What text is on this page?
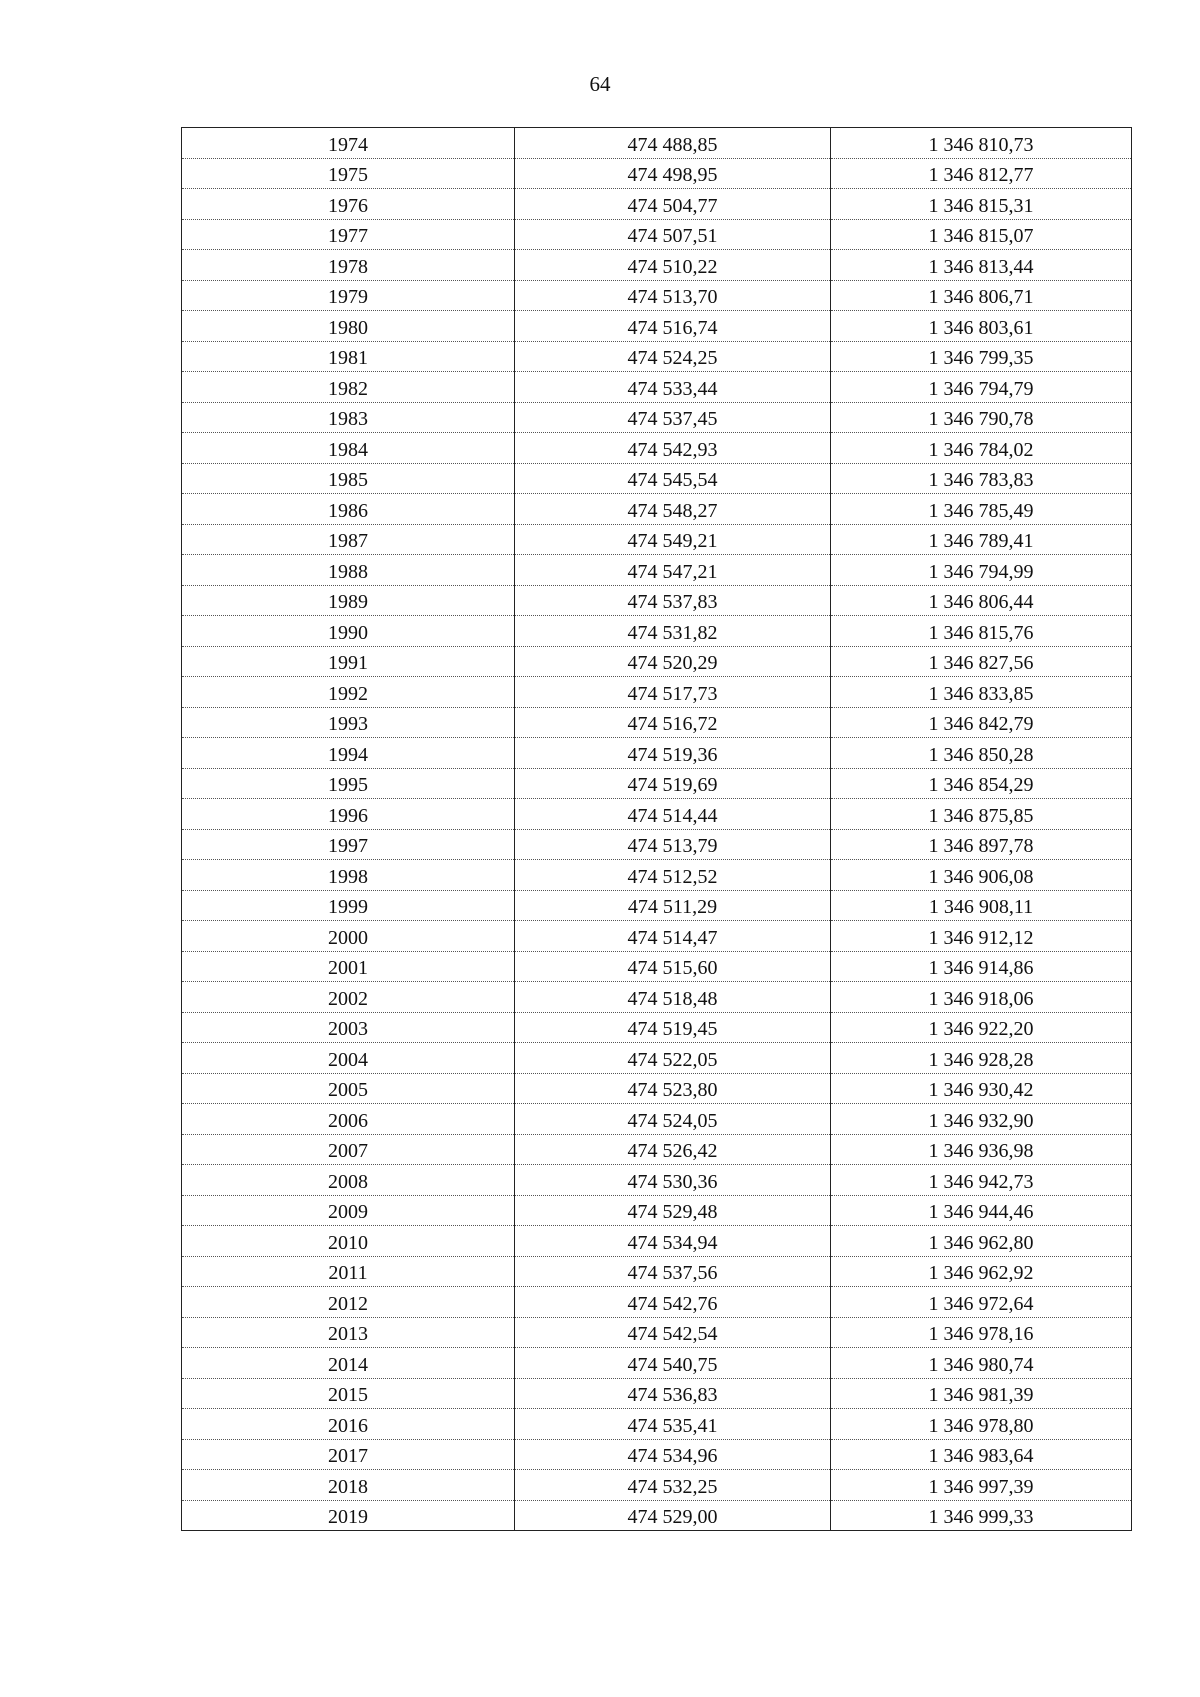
64
1974	474 488,85	1 346 810,73
1975	474 498,95	1 346 812,77
1976	474 504,77	1 346 815,31
1977	474 507,51	1 346 815,07
1978	474 510,22	1 346 813,44
1979	474 513,70	1 346 806,71
1980	474 516,74	1 346 803,61
1981	474 524,25	1 346 799,35
1982	474 533,44	1 346 794,79
1983	474 537,45	1 346 790,78
1984	474 542,93	1 346 784,02
1985	474 545,54	1 346 783,83
1986	474 548,27	1 346 785,49
1987	474 549,21	1 346 789,41
1988	474 547,21	1 346 794,99
1989	474 537,83	1 346 806,44
1990	474 531,82	1 346 815,76
1991	474 520,29	1 346 827,56
1992	474 517,73	1 346 833,85
1993	474 516,72	1 346 842,79
1994	474 519,36	1 346 850,28
1995	474 519,69	1 346 854,29
1996	474 514,44	1 346 875,85
1997	474 513,79	1 346 897,78
1998	474 512,52	1 346 906,08
1999	474 511,29	1 346 908,11
2000	474 514,47	1 346 912,12
2001	474 515,60	1 346 914,86
2002	474 518,48	1 346 918,06
2003	474 519,45	1 346 922,20
2004	474 522,05	1 346 928,28
2005	474 523,80	1 346 930,42
2006	474 524,05	1 346 932,90
2007	474 526,42	1 346 936,98
2008	474 530,36	1 346 942,73
2009	474 529,48	1 346 944,46
2010	474 534,94	1 346 962,80
2011	474 537,56	1 346 962,92
2012	474 542,76	1 346 972,64
2013	474 542,54	1 346 978,16
2014	474 540,75	1 346 980,74
2015	474 536,83	1 346 981,39
2016	474 535,41	1 346 978,80
2017	474 534,96	1 346 983,64
2018	474 532,25	1 346 997,39
2019	474 529,00	1 346 999,33
